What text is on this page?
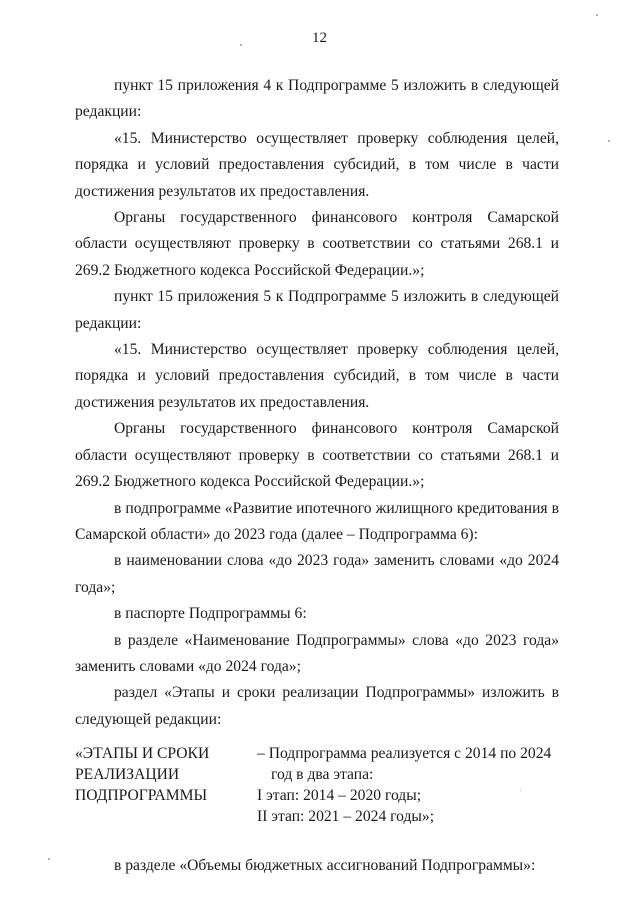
12

пункт 15 приложения 4 к Подпрограмме 5 изложить в следующей редакции:

«15. Министерство осуществляет проверку соблюдения целей, порядка и условий предоставления субсидий, в том числе в части достижения результатов их предоставления.

Органы государственного финансового контроля Самарской области осуществляют проверку в соответствии со статьями 268.1 и 269.2 Бюджетного кодекса Российской Федерации.»;

пункт 15 приложения 5 к Подпрограмме 5 изложить в следующей редакции:

«15. Министерство осуществляет проверку соблюдения целей, порядка и условий предоставления субсидий, в том числе в части достижения результатов их предоставления.

Органы государственного финансового контроля Самарской области осуществляют проверку в соответствии со статьями 268.1 и 269.2 Бюджетного кодекса Российской Федерации.»;

в подпрограмме «Развитие ипотечного жилищного кредитования в Самарской области» до 2023 года (далее – Подпрограмма 6):

в наименовании слова «до 2023 года» заменить словами «до 2024 года»;

в паспорте Подпрограммы 6:

в разделе «Наименование Подпрограммы» слова «до 2023 года» заменить словами «до 2024 года»;

раздел «Этапы и сроки реализации Подпрограммы» изложить в следующей редакции:

«ЭТАПЫ И СРОКИ
РЕАЛИЗАЦИИ
ПОДПРОГРАММЫ
– Подпрограмма реализуется с 2014 по 2024 год в два этапа:
I этап: 2014 – 2020 годы;
II этап: 2021 – 2024 годы»;

в разделе «Объемы бюджетных ассигнований Подпрограммы»:
